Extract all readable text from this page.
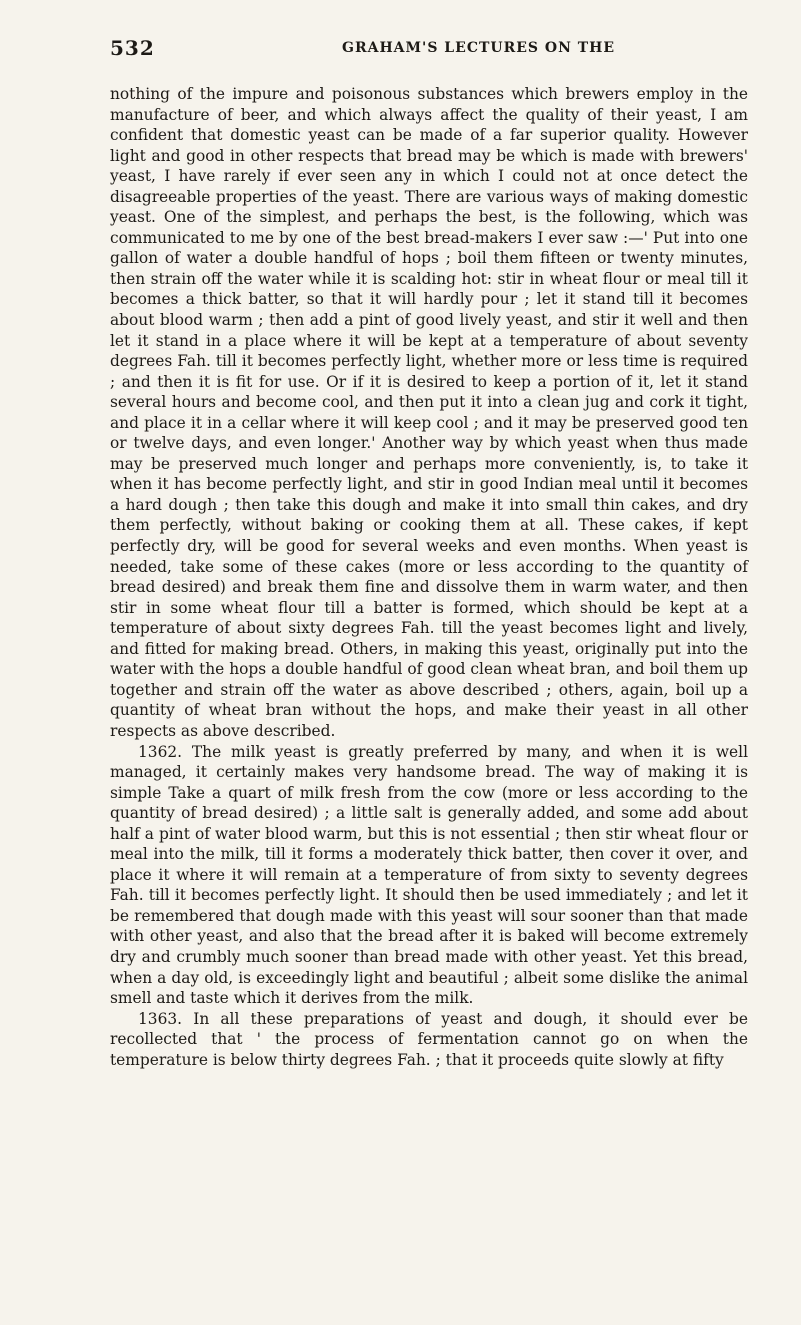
532	GRAHAM'S LECTURES ON THE

nothing of the impure and poisonous substances which brewers employ in the manufacture of beer, and which always affect the quality of their yeast, I am confident that domestic yeast can be made of a far superior quality. However light and good in other respects that bread may be which is made with brewers' yeast, I have rarely if ever seen any in which I could not at once detect the disagreeable properties of the yeast. There are various ways of making domestic yeast. One of the simplest, and perhaps the best, is the following, which was communicated to me by one of the best bread-makers I ever saw :—' Put into one gallon of water a double handful of hops ; boil them fifteen or twenty minutes, then strain off the water while it is scalding hot: stir in wheat flour or meal till it becomes a thick batter, so that it will hardly pour ; let it stand till it becomes about blood warm ; then add a pint of good lively yeast, and stir it well and then let it stand in a place where it will be kept at a temperature of about seventy degrees Fah. till it becomes perfectly light, whether more or less time is required ; and then it is fit for use. Or if it is desired to keep a portion of it, let it stand several hours and become cool, and then put it into a clean jug and cork it tight, and place it in a cellar where it will keep cool ; and it may be preserved good ten or twelve days, and even longer.' Another way by which yeast when thus made may be preserved much longer and perhaps more conveniently, is, to take it when it has become perfectly light, and stir in good Indian meal until it becomes a hard dough ; then take this dough and make it into small thin cakes, and dry them perfectly, without baking or cooking them at all. These cakes, if kept perfectly dry, will be good for several weeks and even months. When yeast is needed, take some of these cakes (more or less according to the quantity of bread desired) and break them fine and dissolve them in warm water, and then stir in some wheat flour till a batter is formed, which should be kept at a temperature of about sixty degrees Fah. till the yeast becomes light and lively, and fitted for making bread. Others, in making this yeast, originally put into the water with the hops a double handful of good clean wheat bran, and boil them up together and strain off the water as above described ; others, again, boil up a quantity of wheat bran without the hops, and make their yeast in all other respects as above described.

1362. The milk yeast is greatly preferred by many, and when it is well managed, it certainly makes very handsome bread. The way of making it is simple Take a quart of milk fresh from the cow (more or less according to the quantity of bread desired) ; a little salt is generally added, and some add about half a pint of water blood warm, but this is not essential ; then stir wheat flour or meal into the milk, till it forms a moderately thick batter, then cover it over, and place it where it will remain at a temperature of from sixty to seventy degrees Fah. till it becomes perfectly light. It should then be used immediately ; and let it be remembered that dough made with this yeast will sour sooner than that made with other yeast, and also that the bread after it is baked will become extremely dry and crumbly much sooner than bread made with other yeast. Yet this bread, when a day old, is exceedingly light and beautiful ; albeit some dislike the animal smell and taste which it derives from the milk.

1363. In all these preparations of yeast and dough, it should ever be recollected that ' the process of fermentation cannot go on when the temperature is below thirty degrees Fah. ; that it proceeds quite slowly at fifty
